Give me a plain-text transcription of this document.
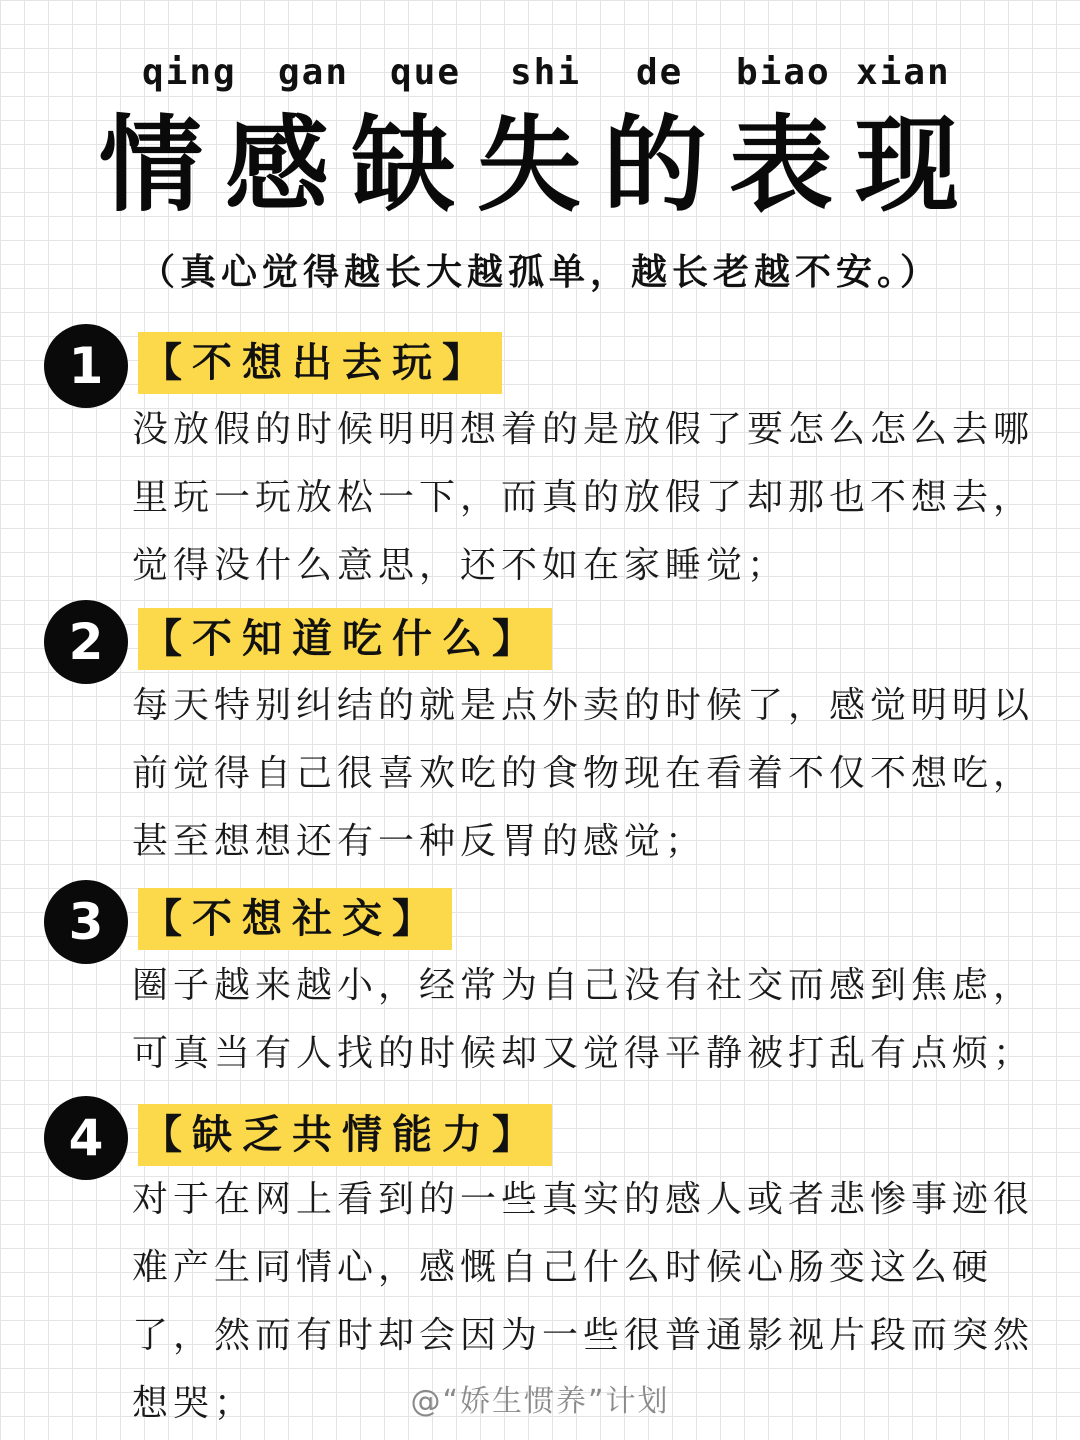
qing gan que shi de biao xian
情感缺失的表现
（真心觉得越长大越孤单，越长老越不安。）
1 【不想出去玩】
没放假的时候明明想着的是放假了要怎么怎么去哪里玩一玩放松一下，而真的放假了却那也不想去，觉得没什么意思，还不如在家睡觉；
2 【不知道吃什么】
每天特别纠结的就是点外卖的时候了，感觉明明以前觉得自己很喜欢吃的食物现在看着不仅不想吃，甚至想想还有一种反胃的感觉；
3 【不想社交】
圈子越来越小，经常为自己没有社交而感到焦虑，可真当有人找的时候却又觉得平静被打乱有点烦；
4 【缺乏共情能力】
对于在网上看到的一些真实的感人或者悲惨事迹很难产生同情心，感慨自己什么时候心肠变这么硬了，然而有时却会因为一些很普通影视片段而突然想哭；	@“娇生惯养”计划
